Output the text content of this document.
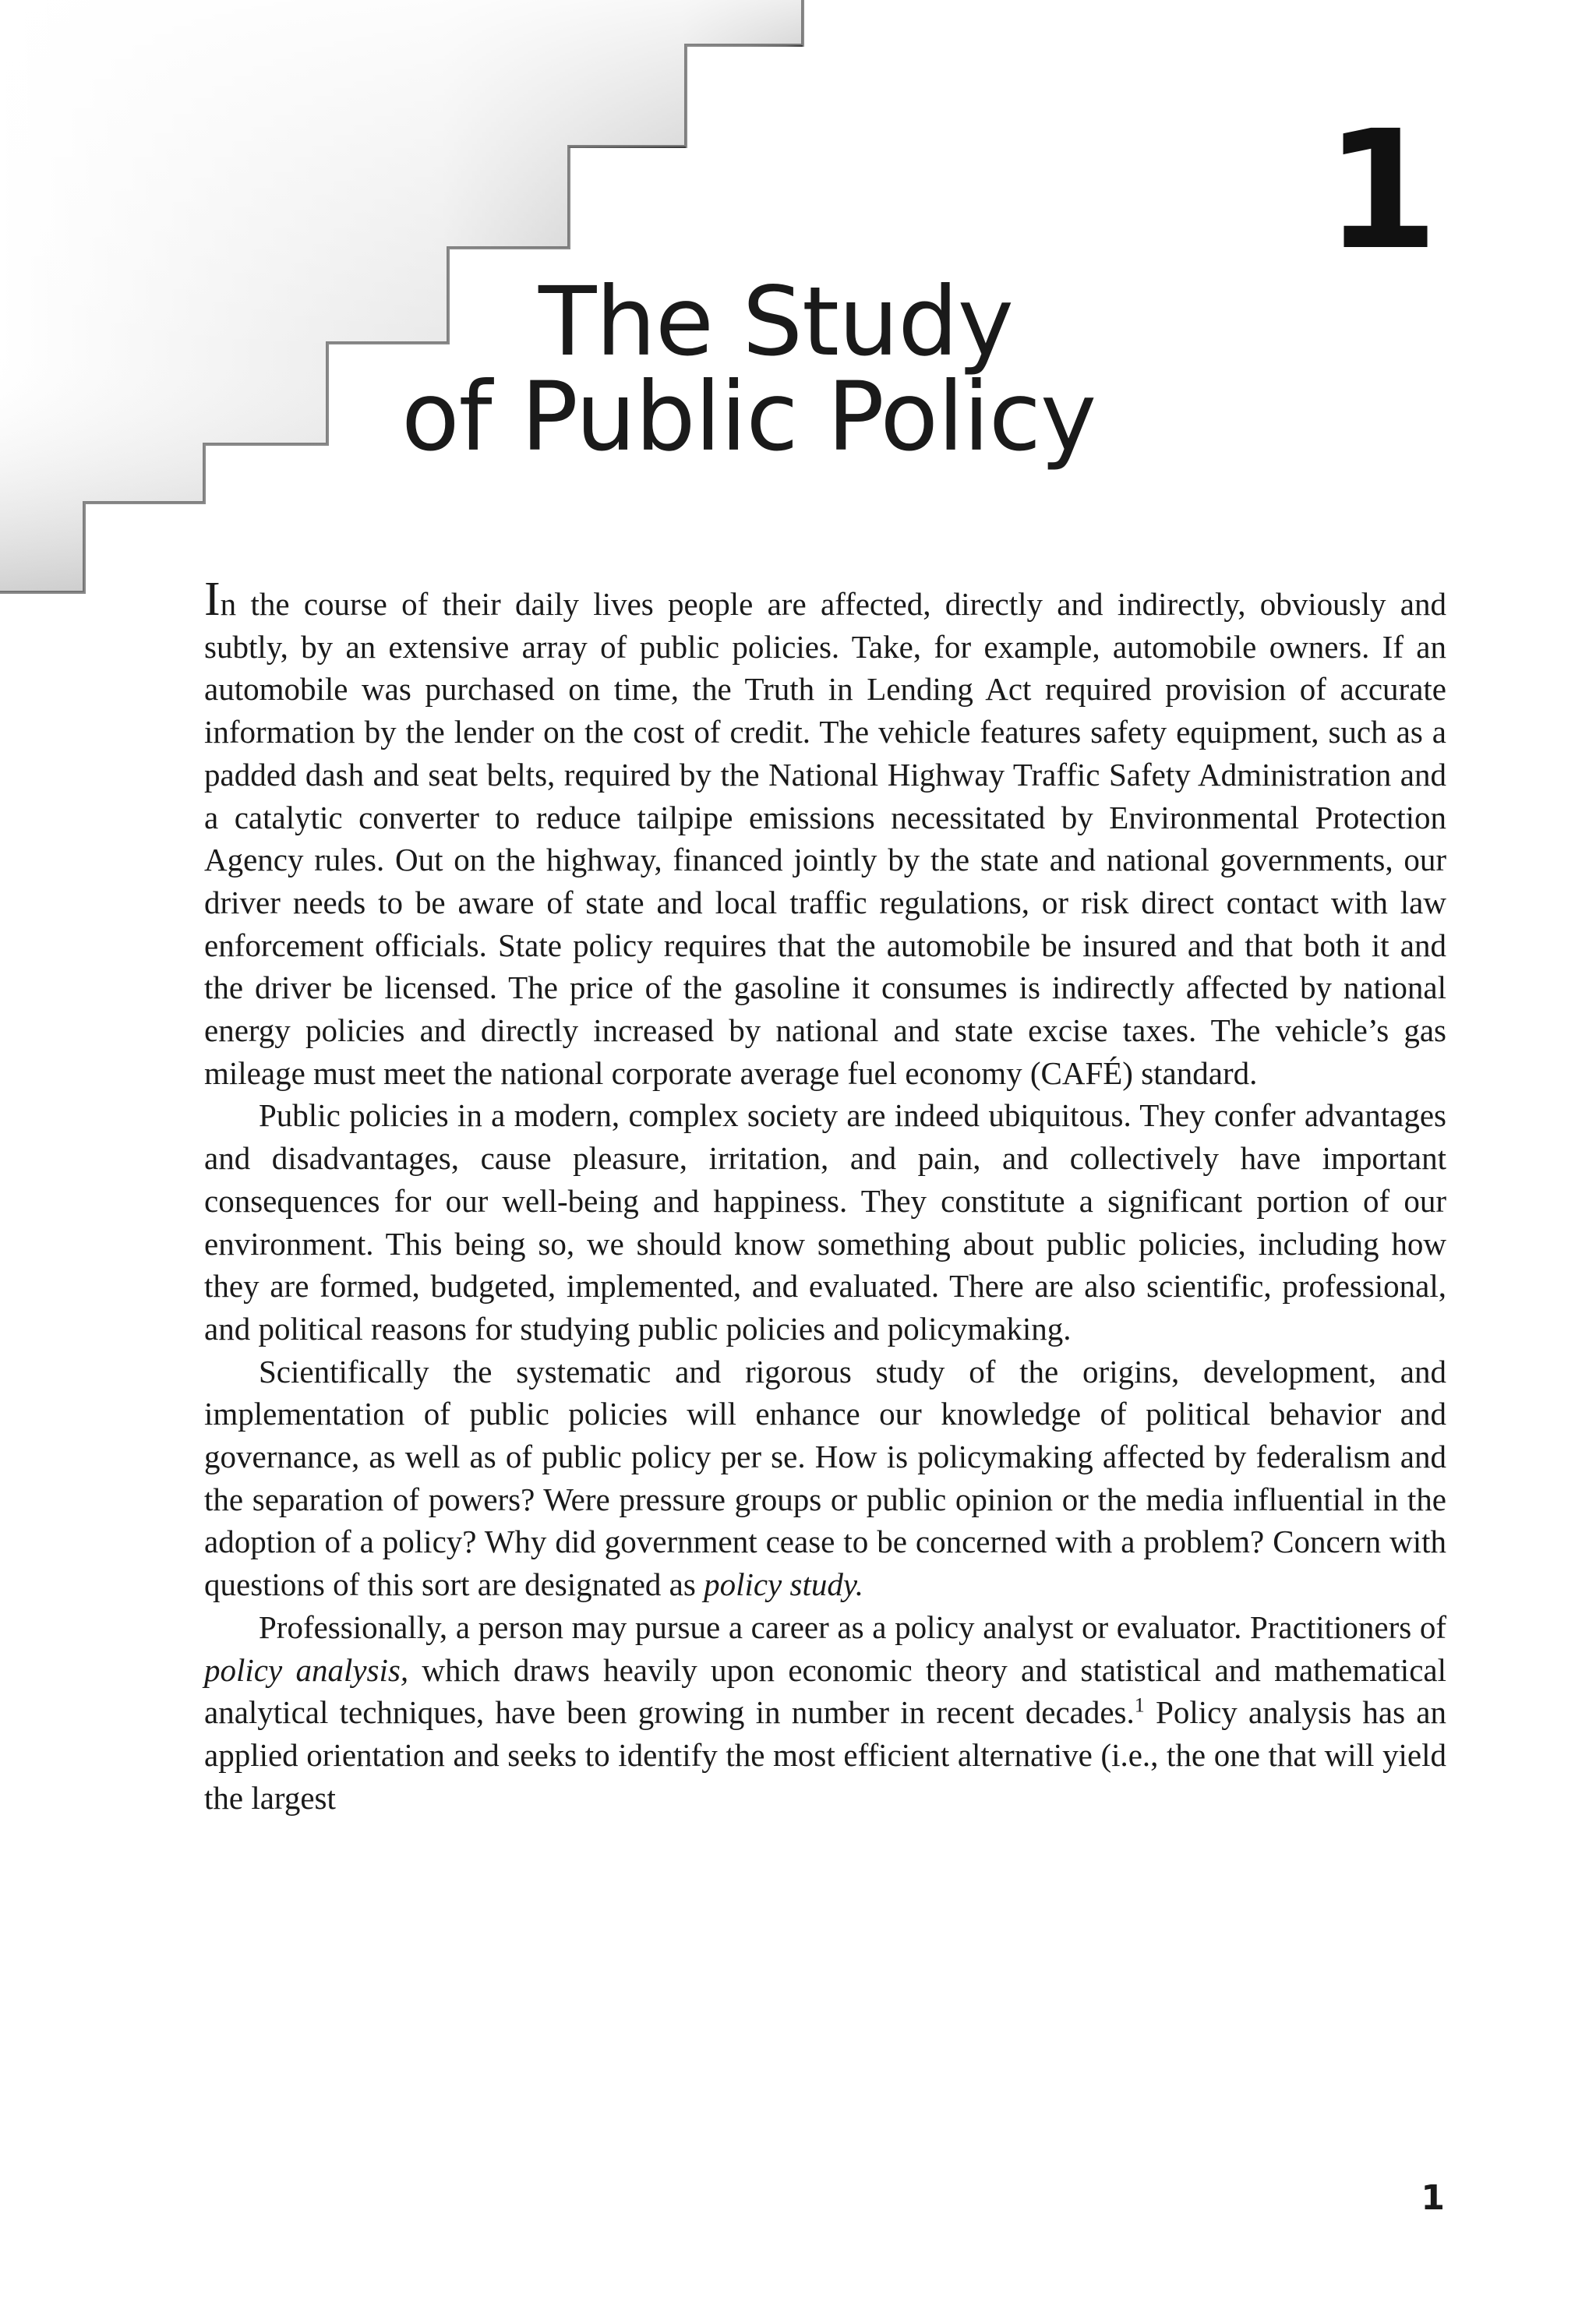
1

The Study
of Public Policy

In the course of their daily lives people are affected, directly and indirectly, obviously and subtly, by an extensive array of public policies. Take, for example, automobile owners. If an automobile was purchased on time, the Truth in Lending Act required provision of accurate information by the lender on the cost of credit. The vehicle features safety equipment, such as a padded dash and seat belts, required by the National Highway Traffic Safety Administration and a catalytic converter to reduce tailpipe emissions necessitated by Environmental Protection Agency rules. Out on the highway, financed jointly by the state and national governments, our driver needs to be aware of state and local traffic regulations, or risk direct contact with law enforcement officials. State policy requires that the automobile be insured and that both it and the driver be licensed. The price of the gasoline it consumes is indirectly affected by national energy policies and directly increased by national and state excise taxes. The vehicle’s gas mileage must meet the national corporate average fuel economy (CAFÉ) standard.

Public policies in a modern, complex society are indeed ubiquitous. They confer advantages and disadvantages, cause pleasure, irritation, and pain, and collectively have important consequences for our well-being and happiness. They constitute a significant portion of our environment. This being so, we should know something about public policies, including how they are formed, budgeted, implemented, and evaluated. There are also scientific, professional, and political reasons for studying public policies and policymaking.

Scientifically the systematic and rigorous study of the origins, development, and implementation of public policies will enhance our knowledge of political behavior and governance, as well as of public policy per se. How is policymaking affected by federalism and the separation of powers? Were pressure groups or public opinion or the media influential in the adoption of a policy? Why did government cease to be concerned with a problem? Concern with questions of this sort are designated as policy study.

Professionally, a person may pursue a career as a policy analyst or evaluator. Practitioners of policy analysis, which draws heavily upon economic theory and statistical and mathematical analytical techniques, have been growing in number in recent decades.$^1$ Policy analysis has an applied orientation and seeks to identify the most efficient alternative (i.e., the one that will yield the largest

1
